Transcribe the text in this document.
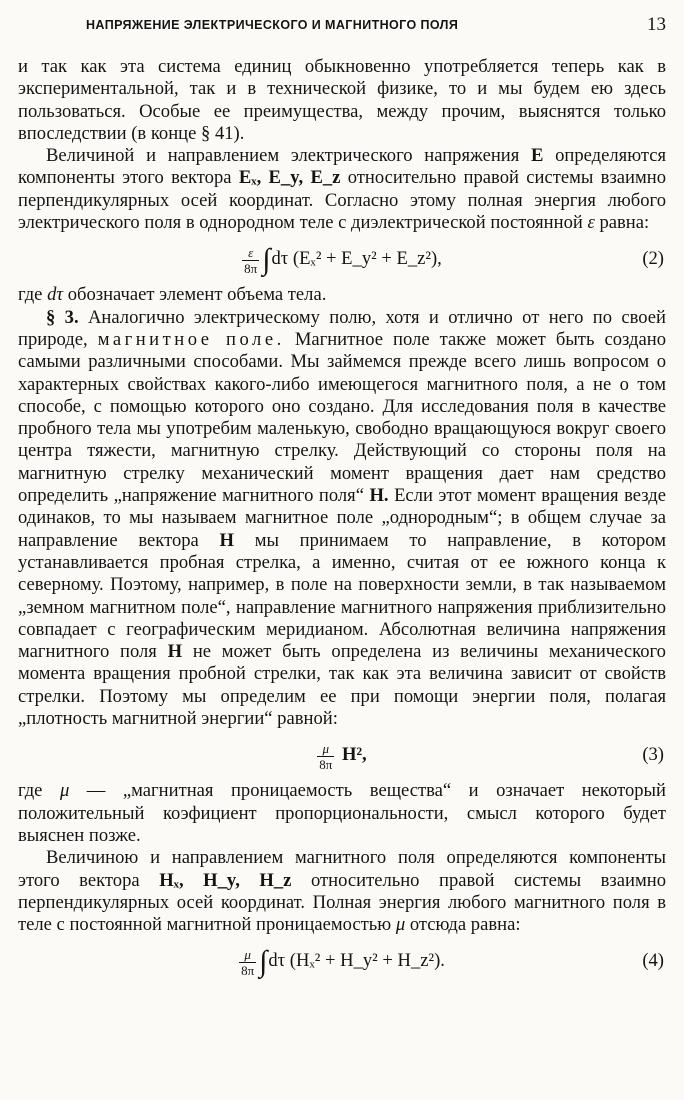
НАПРЯЖЕНИЕ ЭЛЕКТРИЧЕСКОГО И МАГНИТНОГО ПОЛЯ	13

и так как эта система единиц обыкновенно употребляется теперь как в экспериментальной, так и в технической физике, то и мы будем ею здесь пользоваться. Особые ее преимущества, между прочим, выяснятся только впоследствии (в конце § 41).

Величиной и направлением электрического напряжения E определяются компоненты этого вектора Eₓ, E_y, E_z относительно правой системы взаимно перпендикулярных осей координат. Согласно этому полная энергия любого электрического поля в однородном теле с диэлектрической постоянной ε равна:

$\frac{\varepsilon}{8\pi} \int d\tau$ (Eₓ² + E_y² + E_z²),	(2)

где dτ обозначает элемент объема тела.

§ 3. Аналогично электрическому полю, хотя и отлично от него по своей природе, магнитное поле. Магнитное поле также может быть создано самыми различными способами. Мы займемся прежде всего лишь вопросом о характерных свойствах какого-либо имеющегося магнитного поля, а не о том способе, с помощью которого оно создано. Для исследования поля в качестве пробного тела мы употребим маленькую, свободно вращающуюся вокруг своего центра тяжести, магнитную стрелку. Действующий со стороны поля на магнитную стрелку механический момент вращения дает нам средство определить „напряжение магнитного поля“ H. Если этот момент вращения везде одинаков, то мы называем магнитное поле „однородным“; в общем случае за направление вектора H мы принимаем то направление, в котором устанавливается пробная стрелка, а именно, считая от ее южного конца к северному. Поэтому, например, в поле на поверхности земли, в так называемом „земном магнитном поле“, направление магнитного напряжения приблизительно совпадает с географическим меридианом. Абсолютная величина напряжения магнитного поля H не может быть определена из величины механического момента вращения пробной стрелки, так как эта величина зависит от свойств стрелки. Поэтому мы определим ее при помощи энергии поля, полагая „плотность магнитной энергии“ равной:

$\frac{\mu}{8\pi} H^2$,	(3)

где μ — „магнитная проницаемость вещества“ и означает некоторый положительный коэфициент пропорциональности, смысл которого будет выяснен позже.

Величиною и направлением магнитного поля определяются компоненты этого вектора Hₓ, H_y, H_z относительно правой системы взаимно перпендикулярных осей координат. Полная энергия любого магнитного поля в теле с постоянной магнитной проницаемостью μ отсюда равна:

$\frac{\mu}{8\pi} \int d\tau$ (Hₓ² + H_y² + H_z²).	(4)
